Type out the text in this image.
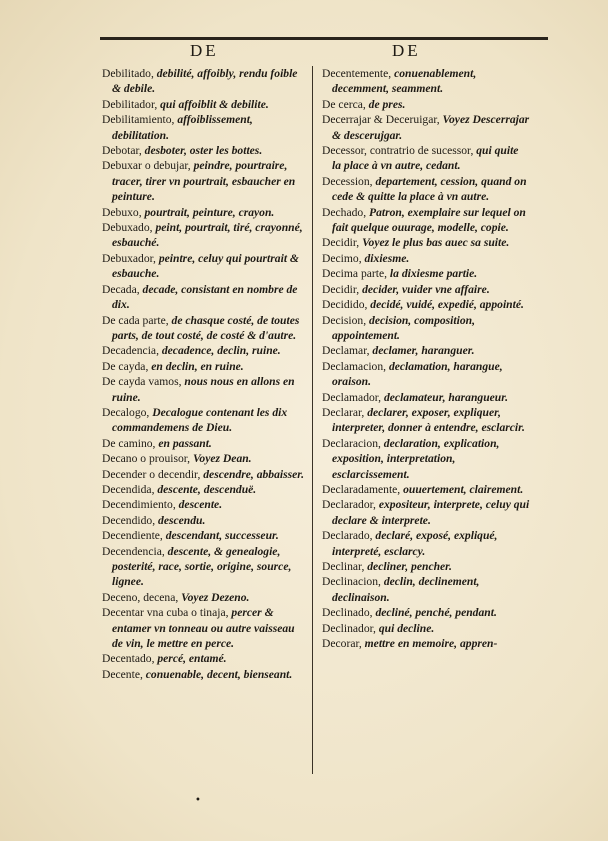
DE	DE

Debilitado, debilité, affoibly, rendu foible & debile.

Debilitador, qui affoiblit & debilite.

Debilitamiento, affoiblissement, debilitation.

Debotar, desboter, oster les bottes.

Debuxar o debujar, peindre, pourtraire, tracer, tirer vn pourtrait, esbaucher en peinture.

Debuxo, pourtrait, peinture, crayon.

Debuxado, peint, pourtrait, tiré, crayonné, esbauché.

Debuxador, peintre, celuy qui pourtrait & esbauche.

Decada, decade, consistant en nombre de dix.

De cada parte, de chasque costé, de toutes parts, de tout costé, de costé & d'autre.

Decadencia, decadence, declin, ruine.

De cayda, en declin, en ruine.

De cayda vamos, nous nous en allons en ruine.

Decalogo, Decalogue contenant les dix commandemens de Dieu.

De camino, en passant.

Decano o prouisor, Voyez Dean.

Decender o decendir, descendre, abbaisser.

Decendida, descente, descenduë.

Decendimiento, descente.

Decendido, descendu.

Decendiente, descendant, successeur.

Decendencia, descente, & genealogie, posterité, race, sortie, origine, source, lignee.

Deceno, decena, Voyez Dezeno.

Decentar vna cuba o tinaja, percer & entamer vn tonneau ou autre vaisseau de vin, le mettre en perce.

Decentado, percé, entamé.

Decente, conuenable, decent, bienseant.

Decentemente, conuenablement, decemment, seamment.

De cerca, de pres.

Decerrajar & Deceruigar, Voyez Descerrajar & descerujgar.

Decessor, contratrio de sucessor, qui quite la place à vn autre, cedant.

Decession, departement, cession, quand on cede & quitte la place à vn autre.

Dechado, Patron, exemplaire sur lequel on fait quelque ouurage, modelle, copie.

Decidir, Voyez le plus bas auec sa suite.

Decimo, dixiesme.

Decima parte, la dixiesme partie.

Decidir, decider, vuider vne affaire.

Decidido, decidé, vuidé, expedié, appointé.

Decision, decision, composition, appointement.

Declamar, declamer, haranguer.

Declamacion, declamation, harangue, oraison.

Declamador, declamateur, harangueur.

Declarar, declarer, exposer, expliquer, interpreter, donner à entendre, esclarcir.

Declaracion, declaration, explication, exposition, interpretation, esclarcissement.

Declaradamente, ouuertement, clairement.

Declarador, expositeur, interprete, celuy qui declare & interprete.

Declarado, declaré, exposé, expliqué, interpreté, esclarcy.

Declinar, decliner, pencher.

Declinacion, declin, declinement, declinaison.

Declinado, decliné, penché, pendant.

Declinador, qui decline.

Decorar, mettre en memoire, appren-

•
